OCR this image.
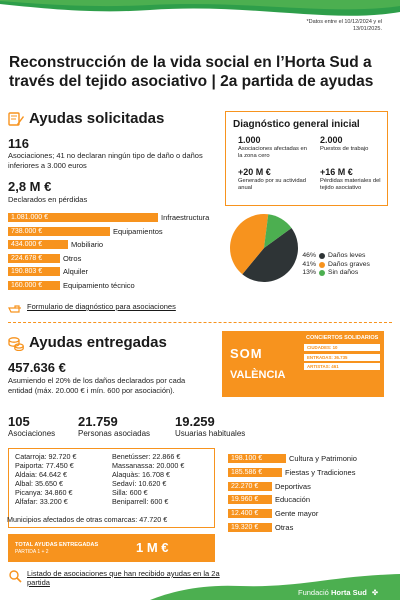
*Datos entre el 10/12/2024 y el 13/01/2025.
Reconstrucción de la vida social en l’Horta Sud a través del tejido asociativo | 2a partida de ayudas
Ayudas solicitadas
116
Asociaciones; 41 no declaran ningún tipo de daño o daños inferiores a 3.000 euros
2,8 M €
Declarados en pérdidas
1.081.000 €	Infraestructura
738.000 €	Equipamientos
434.000 €	Mobiliario
224.678 €	Otros
190.803 €	Alquiler
160.000 €	Equipamiento técnico
Formulario de diagnóstico para asociaciones
Diagnóstico general inicial
1.000
Asociaciones afectadas en la zona cero
2.000
Puestos de trabajo
+20 M €
Generado por su actividad anual
+16 M €
Pérdidas materiales del tejido asociativo
46% Daños leves
41% Daños graves
13% Sin daños
Ayudas entregadas
457.636 €
Asumiendo el 20% de los daños declarados por cada entidad (máx. 20.000 € i mín. 600 por asociación).
SOM
VALÈNCIA
CONCIERTOS SOLIDARIOS
CIUDADES: 10
ENTRADAS: 36.735
ARTISTAS: 461
105
Asociaciones
21.759
Personas asociadas
19.259
Usuarias habituales
Catarroja: 92.720 €
Paiporta: 77.450 €
Aldaia: 64.642 €
Albal: 35.650 €
Picanya: 34.860 €
Alfafar: 33.200 €
Benetússer: 22.866 €
Massanassa: 20.000 €
Alaquàs: 16.708 €
Sedaví: 10.620 €
Silla: 600 €
Beniparrell: 600 €
Municipios afectados de otras comarcas: 47.720 €
198.100 €	Cultura y Patrimonio
185.586 €	Fiestas y Tradiciones
22.270 € Deportivas
19.960 € Educación
12.400 € Gente mayor
19.320 € Otras
TOTAL AYUDAS ENTREGADAS
PARTIDA 1 + 2	1 M €
Listado de asociaciones que han recibido ayudas en la 2a partida
Fundació Horta Sud ✤
